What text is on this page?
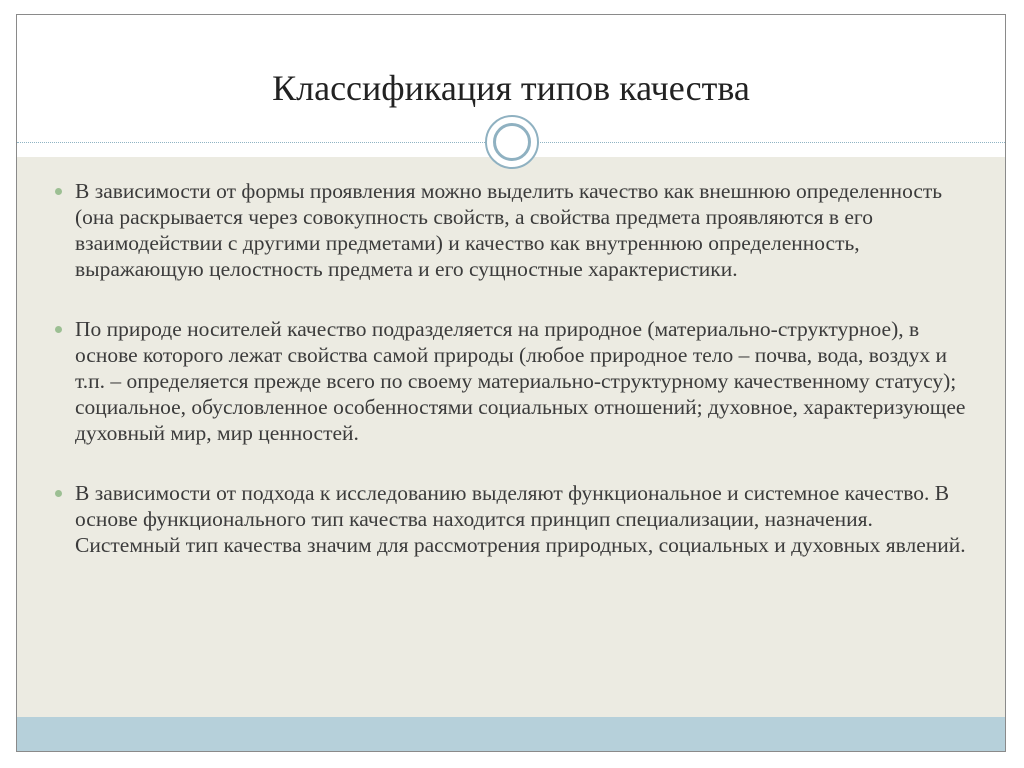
Классификация типов качества
В зависимости от формы проявления можно выделить качество как внешнюю определенность (она раскрывается через совокупность свойств, а свойства предмета проявляются в его взаимодействии с другими предметами) и качество как внутреннюю определенность, выражающую целостность предмета и его сущностные характеристики.
По природе носителей качество подразделяется на природное (материально-структурное), в основе которого лежат свойства самой природы (любое природное тело – почва, вода, воздух и т.п. – определяется прежде всего по своему материально-структурному качественному статусу); социальное, обусловленное особенностями социальных отношений; духовное, характеризующее духовный мир, мир ценностей.
В зависимости от подхода к исследованию выделяют функциональное и системное качество. В основе функционального тип качества находится принцип специализации, назначения. Системный тип качества значим для рассмотрения природных, социальных и духовных явлений.
